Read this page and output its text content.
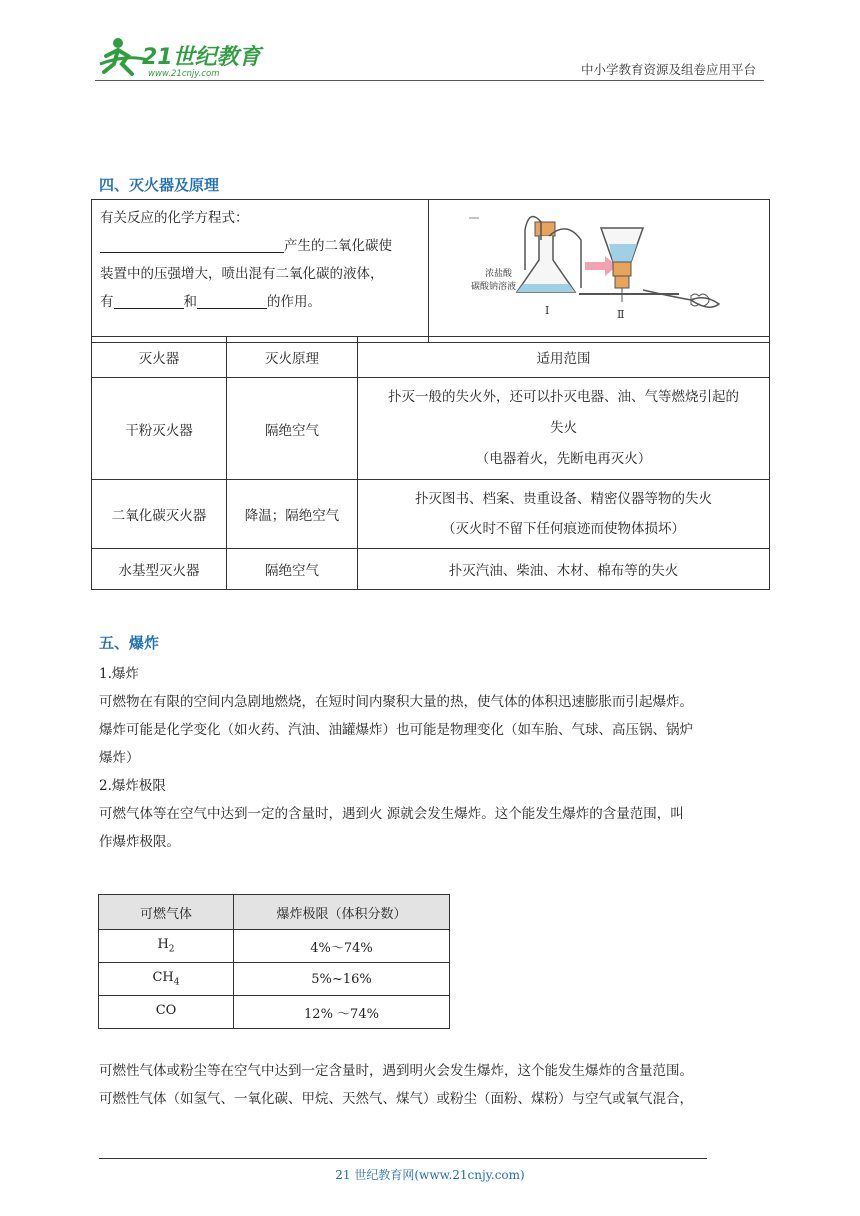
21世纪教育
www.21cnjy.com	中小学教育资源及组卷应用平台
四、灭火器及原理
有关反应的化学方程式：
产生的二氧化碳使
装置中的压强增大，喷出混有二氧化碳的液体，
有	和	的作用。

浓盐酸
碳酸钠溶液
Ⅰ	Ⅱ
灭火器	灭火原理	适用范围
干粉灭火器	隔绝空气	扑灭一般的失火外，还可以扑灭电器、油、气等燃烧引起的
失火
（电器着火，先断电再灭火）

二氧化碳灭火器	降温；隔绝空气	扑灭图书、档案、贵重设备、精密仪器等物的失火
（灭火时不留下任何痕迹而使物体损坏）

水基型灭火器	隔绝空气	扑灭汽油、柴油、木材、棉布等的失火
五、爆炸
1.爆炸
可燃物在有限的空间内急剧地燃烧，在短时间内聚积大量的热，使气体的体积迅速膨胀而引起爆炸。
爆炸可能是化学变化（如火药、汽油、油罐爆炸）也可能是物理变化（如车胎、气球、高压锅、锅炉
爆炸）
2.爆炸极限
可燃气体等在空气中达到一定的含量时，遇到火 源就会发生爆炸。这个能发生爆炸的含量范围，叫
作爆炸极限。
可燃气体	爆炸极限（体积分数）
$H_2$	4%～74%
$CH_4$	5%~16%
CO	12% ～74%
可燃性气体或粉尘等在空气中达到一定含量时，遇到明火会发生爆炸，这个能发生爆炸的含量范围。
可燃性气体（如氢气、一氧化碳、甲烷、天然气、煤气）或粉尘（面粉、煤粉）与空气或氧气混合，
21 世纪教育网(www.21cnjy.com)
